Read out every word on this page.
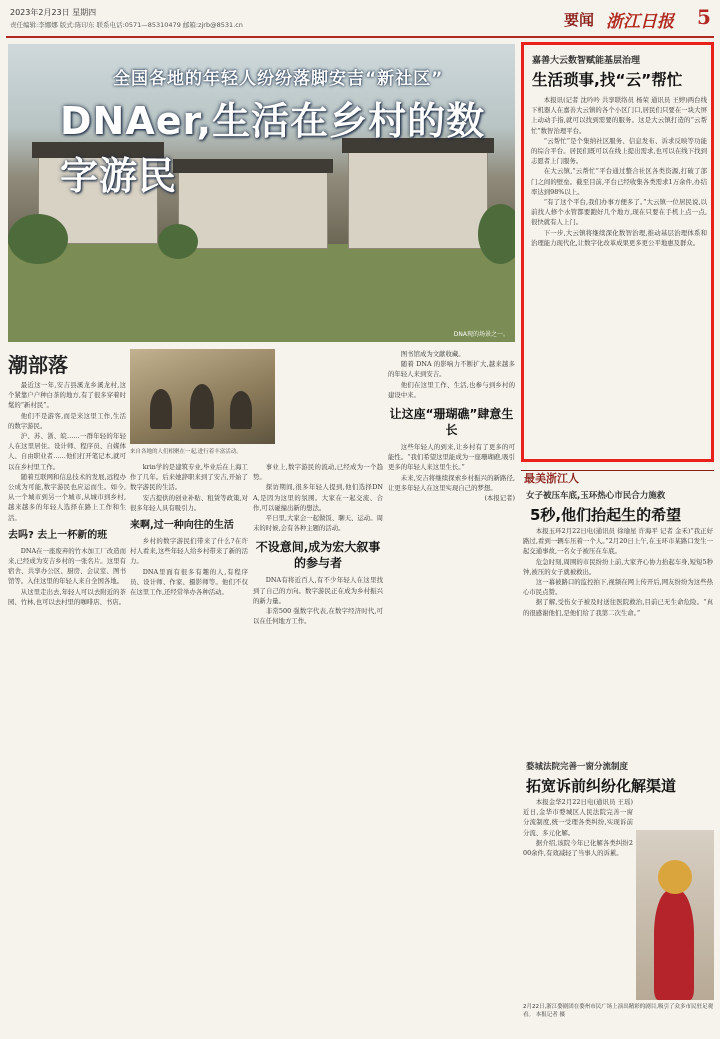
2023年2月23日 星期四
责任编辑:李娜娜 版式:陈印东 联系电话:0571—85310479 邮箱:zjrb@8531.cn	要闻 浙江日报 5
全国各地的年轻人纷纷落脚安吉“新社区”
DNAer,生活在乡村的数字游民
DNA现的场景之一。
潮部落

最近这一年,安吉县溪龙乡溪龙村,这个紧靠户户种白茶的地方,有了很多穿着时髦的“新村民”。

他们不是游客,而是来这里工作,生活的数字游民。

沪、苏、浙、皖……一群年轻的年轻人在这里居住。设计师、程序员、自媒体人、自由职业者……他们打开笔记本,就可以在乡村里工作。

随着互联网和信息技术的发展,远程办公成为可能,数字游民也应运而生。如今,从一个城市到另一个城市,从城市到乡村,越来越多的年轻人选择在路上工作和生活。

去吗? 去上一杯新的班

DNA在一座废弃的竹木加工厂改造而来,已经成为安吉乡村的一张名片。这里有宿舍、共享办公区、厨房、会议室、图书馆等。入住这里的年轻人来自全国各地。

从这里走出去,年轻人可以去附近的茶园、竹林,也可以去村里的咖啡店、书店。

来自各地的人们相聚在一起,进行着丰富活动。

krin学的是建筑专业,毕业后在上海工作了几年。后来她辞职来到了安吉,开始了数字游民的生活。

安吉提供的创业补贴、租赁等政策,对很多年轻人具有吸引力。

来啊,过一种向往的生活

乡村的数字游民们带来了什么?在许村人看来,这些年轻人给乡村带来了新的活力。

DNA里面有很多有趣的人,有程序员、设计师、作家、摄影师等。他们不仅在这里工作,还经常举办各种活动。

事业上,数字游民的流动,已经成为一个趋势。

探访期间,很多年轻人提到,他们选择DNA,是因为这里的氛围。大家在一起交流、合作,可以碰撞出新的想法。

平日里,大家会一起做饭、聊天、运动。周末的时候,会有各种主题的活动。

不设意间,成为宏大叙事的参与者

DNA有将近百人,有不少年轻人在这里找到了自己的方向。数字游民正在成为乡村振兴的新力量。

非常500 强数字代表,在数字经济时代,可以在任何地方工作。

图书馆成为文献收藏。

随着 DNA 的影响力不断扩大,越来越多的年轻人来到安吉。

他们在这里工作、生活,也参与到乡村的建设中来。

让这座“珊瑚礁”肆意生长

这些年轻人的到来,让乡村有了更多的可能性。“我们希望这里能成为一座珊瑚礁,吸引更多的年轻人来这里生长。”

未来,安吉将继续探索乡村振兴的新路径,让更多年轻人在这里实现自己的梦想。

(本报记者)

嘉善大云数智赋能基层治理
生活琐事,找“云”帮忙

本报讯(记者 沈吟吟 共享联络员 杨荣 通讯员 王婷)两台线下机器人在嘉善大云镇的各个小区门口,居民们只要在一块大屏上动动手指,就可以找到需要的服务。这是大云镇打造的“云帮忙”数智治理平台。

“云帮忙”是个集纳社区服务、信息发布、诉求反映等功能的综合平台。居民们既可以在线上提出需求,也可以在线下找到志愿者上门服务。

在大云镇,“云帮忙”平台通过整合社区各类资源,打破了部门之间的壁垒。截至目前,平台已经收集各类需求1万余件,办结率达到98%以上。

“有了这个平台,我们办事方便多了。”大云镇一位居民说,以前找人修个水管都要跑好几个地方,现在只要在手机上点一点,很快就有人上门。

下一步,大云镇将继续深化数智治理,推动基层治理体系和治理能力现代化,让数字化改革成果更多更公平地惠及群众。

最美浙江人
女子被压车底,玉环热心市民合力施救
5秒,他们抬起生的希望

本报玉环2月22日电(通讯员 徐瑜星 许海平 记者 金禾)“我正好路过,看到一辆车压着一个人。”2月20日上午,在玉环市某路口发生一起交通事故,一名女子被压在车底。

危急时刻,周围的市民纷纷上前,大家齐心协力抬起车身,短短5秒钟,被压的女子就被救出。

这一幕被路口的监控拍下,视频在网上传开后,网友纷纷为这些热心市民点赞。

据了解,受伤女子被及时送往医院救治,目前已无生命危险。“真的很感谢他们,是他们给了我第二次生命。”

婺城法院完善一窗分流制度
拓宽诉前纠纷化解渠道

本报金华2月22日电(通讯员 王瑶)近日,金华市婺城区人民法院完善一窗分流制度,统一受理各类纠纷,实现诉前分流、多元化解。

据介绍,该院今年已化解各类纠纷200余件,有效减轻了当事人的诉累。

2月22日,浙江婺剧团在婺州市民广场上演出精彩的剧目,吸引了众多市民驻足观看。 本报记者 摄
